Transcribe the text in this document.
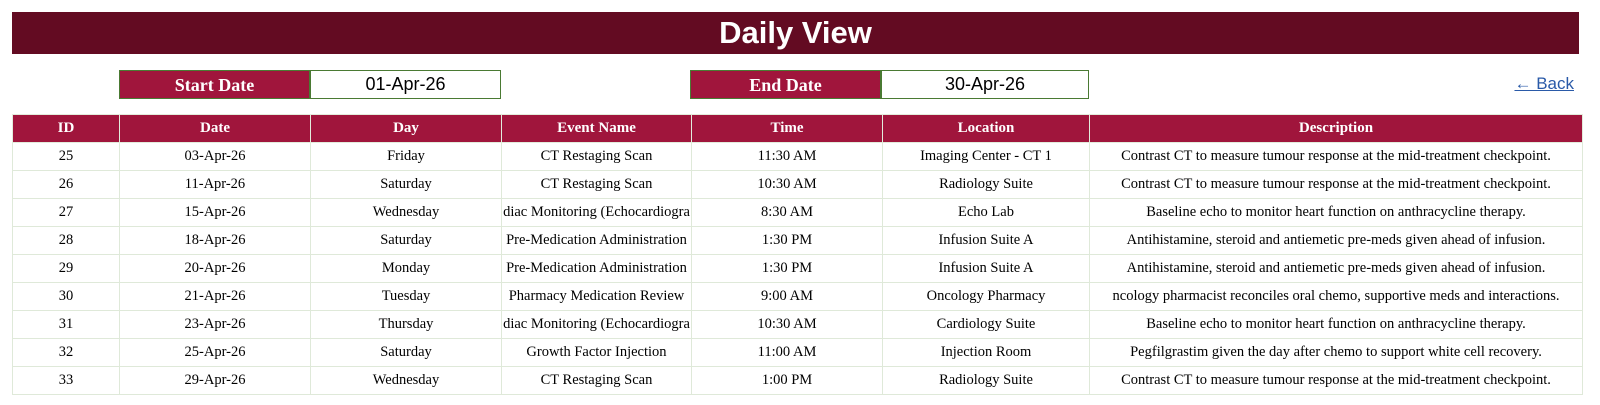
Daily View
Start Date	01-Apr-26	End Date	30-Apr-26	← Back
ID	Date	Day	Event Name	Time	Location	Description
25	03-Apr-26	Friday	CT Restaging Scan	11:30 AM	Imaging Center - CT 1	Contrast CT to measure tumour response at the mid-treatment checkpoint.
26	11-Apr-26	Saturday	CT Restaging Scan	10:30 AM	Radiology Suite	Contrast CT to measure tumour response at the mid-treatment checkpoint.
27	15-Apr-26	Wednesday	diac Monitoring (Echocardiogra	8:30 AM	Echo Lab	Baseline echo to monitor heart function on anthracycline therapy.
28	18-Apr-26	Saturday	Pre-Medication Administration	1:30 PM	Infusion Suite A	Antihistamine, steroid and antiemetic pre-meds given ahead of infusion.
29	20-Apr-26	Monday	Pre-Medication Administration	1:30 PM	Infusion Suite A	Antihistamine, steroid and antiemetic pre-meds given ahead of infusion.
30	21-Apr-26	Tuesday	Pharmacy Medication Review	9:00 AM	Oncology Pharmacy	ncology pharmacist reconciles oral chemo, supportive meds and interactions.
31	23-Apr-26	Thursday	diac Monitoring (Echocardiogra	10:30 AM	Cardiology Suite	Baseline echo to monitor heart function on anthracycline therapy.
32	25-Apr-26	Saturday	Growth Factor Injection	11:00 AM	Injection Room	Pegfilgrastim given the day after chemo to support white cell recovery.
33	29-Apr-26	Wednesday	CT Restaging Scan	1:00 PM	Radiology Suite	Contrast CT to measure tumour response at the mid-treatment checkpoint.
